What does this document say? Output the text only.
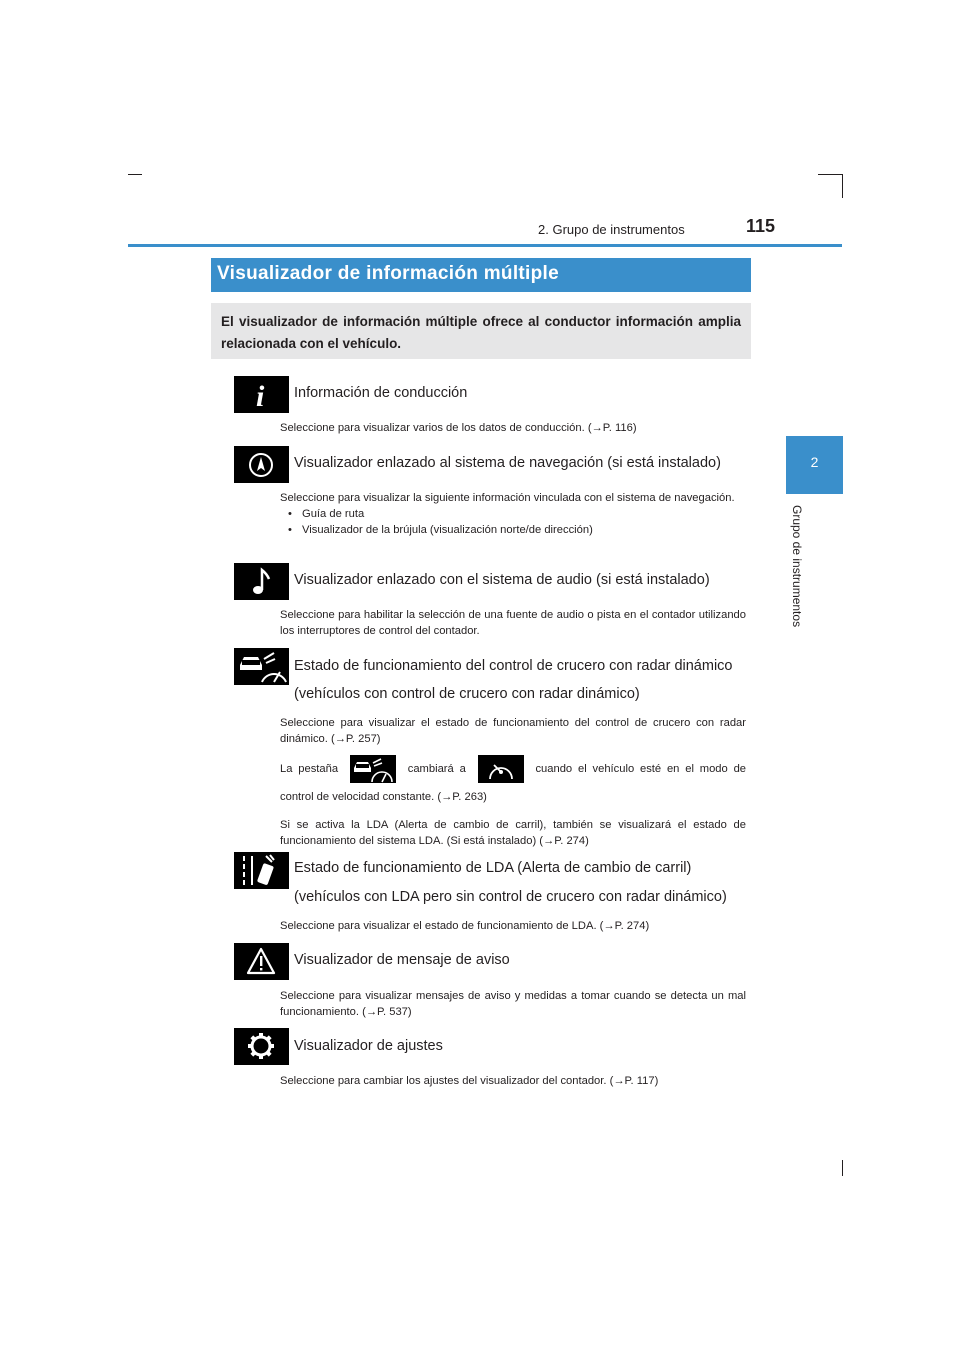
2. Grupo de instrumentos	115
2
Grupo de instrumentos
Visualizador de información múltiple

El visualizador de información múltiple ofrece al conductor información amplia relacionada con el vehículo.

i Información de conducción

Seleccione para visualizar varios de los datos de conducción. (→P. 116)

Visualizador enlazado al sistema de navegación (si está instalado)

Seleccione para visualizar la siguiente información vinculada con el sistema de navegación.

• Guía de ruta

• Visualizador de la brújula (visualización norte/de dirección)

Visualizador enlazado con el sistema de audio (si está instalado)

Seleccione para habilitar la selección de una fuente de audio o pista en el contador utilizando los interruptores de control del contador.

Estado de funcionamiento del control de crucero con radar dinámico
(vehículos con control de crucero con radar dinámico)

Seleccione para visualizar el estado de funcionamiento del control de crucero con radar dinámico. (→P. 257)

La pestaña	cambiará a	cuando el vehículo esté en el modo de control de velocidad constante. (→P. 263)

Si se activa la LDA (Alerta de cambio de carril), también se visualizará el estado de funcionamiento del sistema LDA. (Si está instalado) (→P. 274)

Estado de funcionamiento de LDA (Alerta de cambio de carril)
(vehículos con LDA pero sin control de crucero con radar dinámico)

Seleccione para visualizar el estado de funcionamiento de LDA. (→P. 274)

Visualizador de mensaje de aviso

Seleccione para visualizar mensajes de aviso y medidas a tomar cuando se detecta un mal funcionamiento. (→P. 537)

Visualizador de ajustes

Seleccione para cambiar los ajustes del visualizador del contador. (→P. 117)
